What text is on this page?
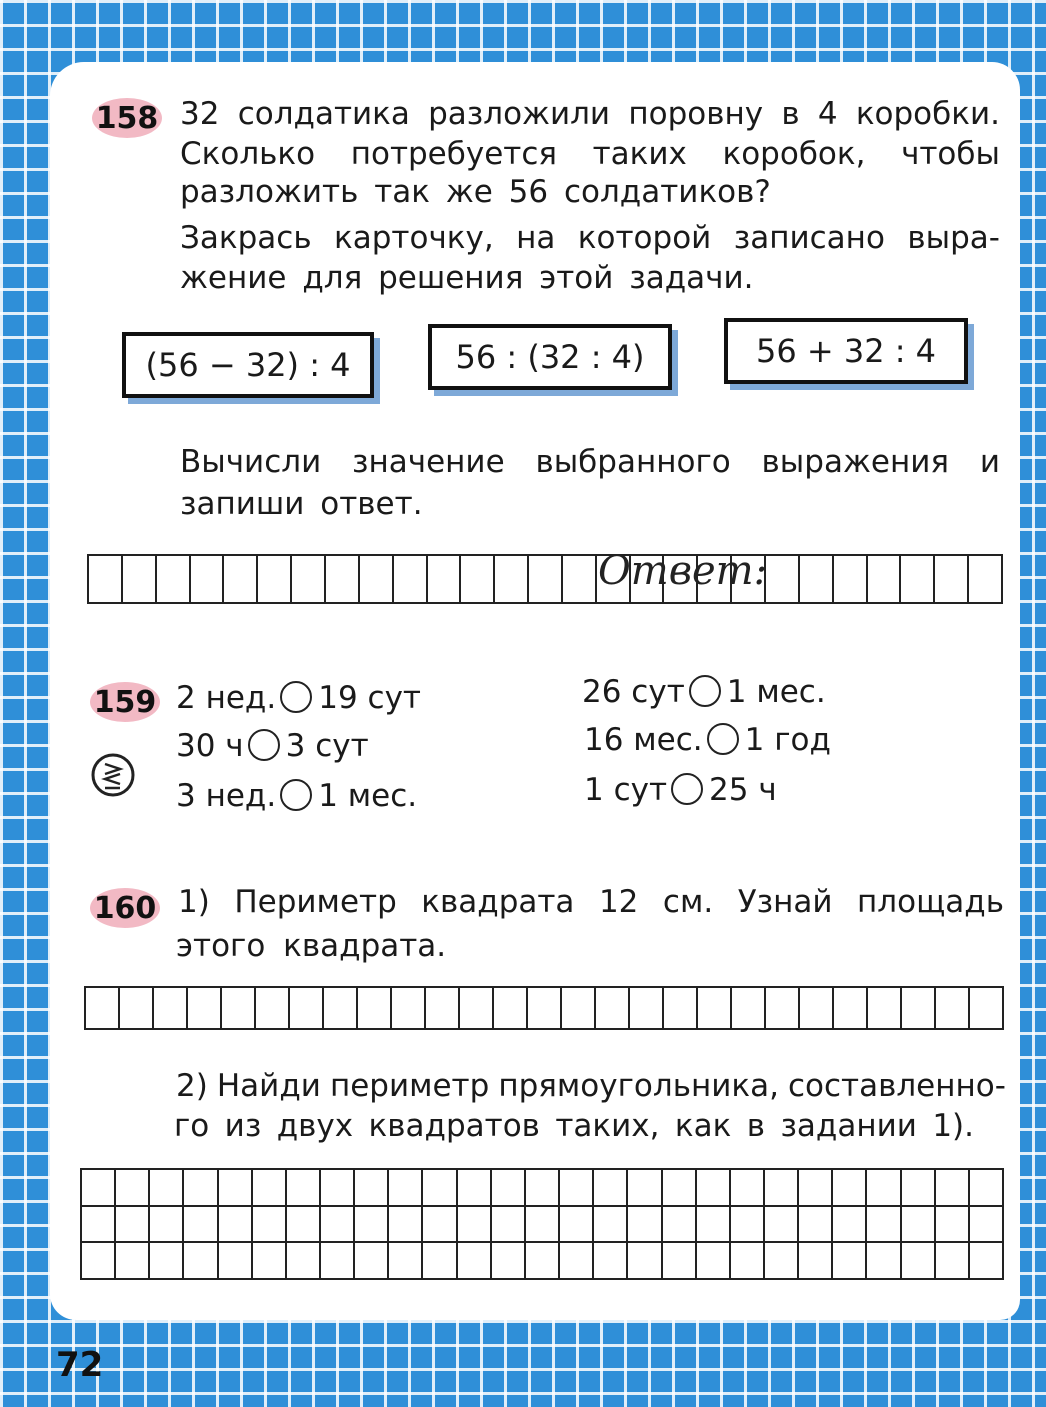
158 32 солдатика разложили поровну в 4 коробки.
Сколько потребуется таких коробок, чтобы
разложить так же 56 солдатиков?
Закрась карточку, на которой записано выра-
жение для решения этой задачи.
(56 − 32) : 4	56 : (32 : 4)	56 + 32 : 4
Вычисли значение выбранного выражения и
запиши ответ.
Ответ:
159 2 нед. 19 сут
30 ч 3 сут
3 нед. 1 мес.
26 сут 1 мес.
16 мес. 1 год
1 сут 25 ч
160 1) Периметр квадрата 12 см. Узнай площадь
этого квадрата.
2) Найди периметр прямоугольника, составленно-
го из двух квадратов таких, как в задании 1).
72
